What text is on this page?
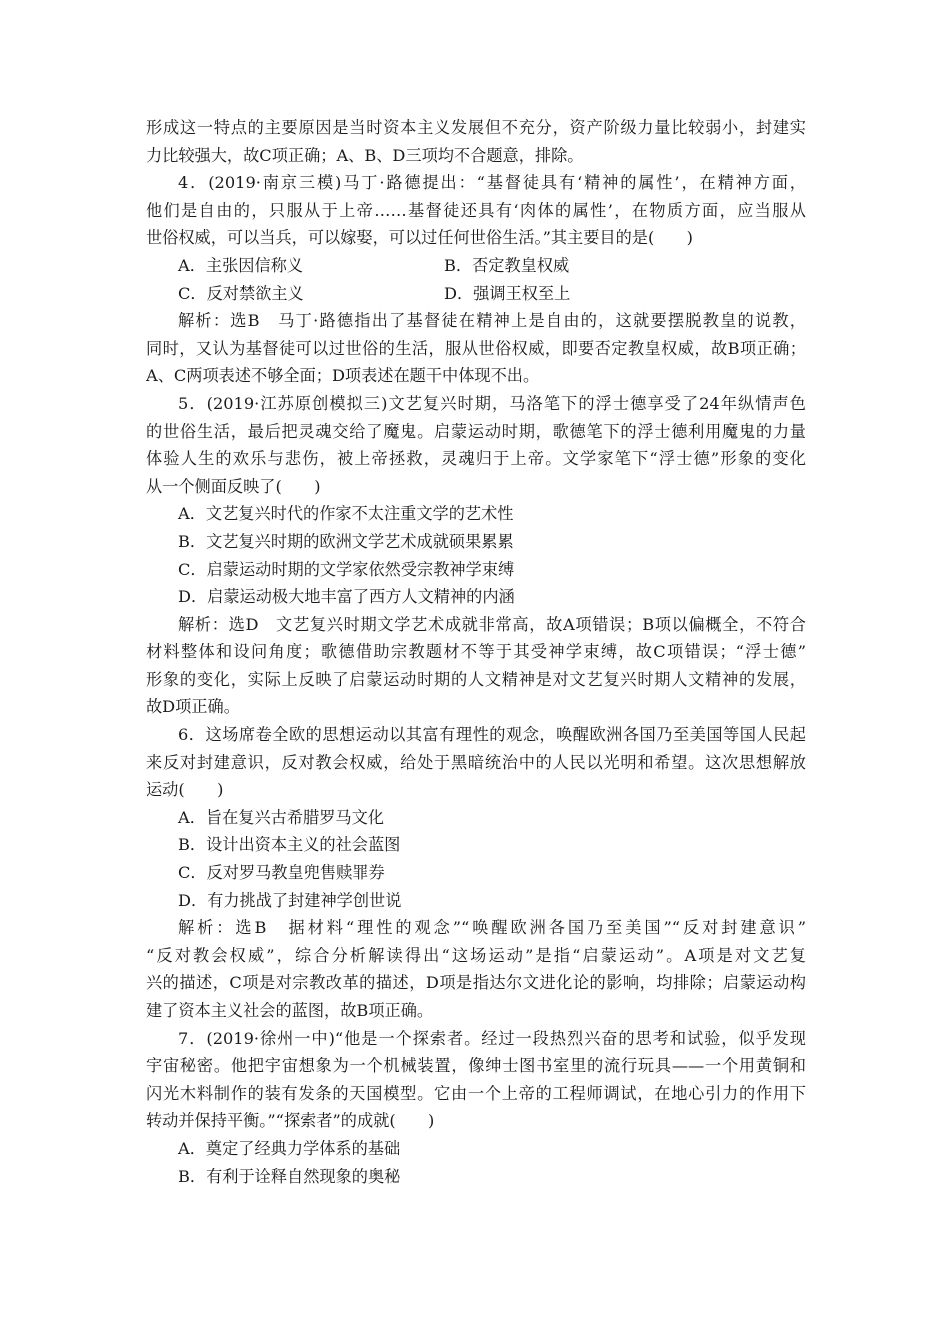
形成这一特点的主要原因是当时资本主义发展但不充分，资产阶级力量比较弱小，封建实
力比较强大，故C项正确；A、B、D三项均不合题意，排除。
4．(2019·南京三模)马丁·路德提出：“基督徒具有‘精神的属性’，在精神方面，
他们是自由的，只服从于上帝……基督徒还具有‘肉体的属性’，在物质方面，应当服从
世俗权威，可以当兵，可以嫁娶，可以过任何世俗生活。”其主要目的是(　　)
A．主张因信称义	B．否定教皇权威
C．反对禁欲主义	D．强调王权至上
解析：选B　马丁·路德指出了基督徒在精神上是自由的，这就要摆脱教皇的说教，
同时，又认为基督徒可以过世俗的生活，服从世俗权威，即要否定教皇权威，故B项正确；
A、C两项表述不够全面；D项表述在题干中体现不出。
5．(2019·江苏原创模拟三)文艺复兴时期，马洛笔下的浮士德享受了24年纵情声色
的世俗生活，最后把灵魂交给了魔鬼。启蒙运动时期，歌德笔下的浮士德利用魔鬼的力量
体验人生的欢乐与悲伤，被上帝拯救，灵魂归于上帝。文学家笔下“浮士德”形象的变化
从一个侧面反映了(　　)
A．文艺复兴时代的作家不太注重文学的艺术性
B．文艺复兴时期的欧洲文学艺术成就硕果累累
C．启蒙运动时期的文学家依然受宗教神学束缚
D．启蒙运动极大地丰富了西方人文精神的内涵
解析：选D　文艺复兴时期文学艺术成就非常高，故A项错误；B项以偏概全，不符合
材料整体和设问角度；歌德借助宗教题材不等于其受神学束缚，故C项错误；“浮士德”
形象的变化，实际上反映了启蒙运动时期的人文精神是对文艺复兴时期人文精神的发展，
故D项正确。
6．这场席卷全欧的思想运动以其富有理性的观念，唤醒欧洲各国乃至美国等国人民起
来反对封建意识，反对教会权威，给处于黑暗统治中的人民以光明和希望。这次思想解放
运动(　　)
A．旨在复兴古希腊罗马文化
B．设计出资本主义的社会蓝图
C．反对罗马教皇兜售赎罪券
D．有力挑战了封建神学创世说
解析：选B　据材料“理性的观念”“唤醒欧洲各国乃至美国”“反对封建意识”
“反对教会权威”，综合分析解读得出“这场运动”是指“启蒙运动”。A项是对文艺复
兴的描述，C项是对宗教改革的描述，D项是指达尔文进化论的影响，均排除；启蒙运动构
建了资本主义社会的蓝图，故B项正确。
7．(2019·徐州一中)“他是一个探索者。经过一段热烈兴奋的思考和试验，似乎发现
宇宙秘密。他把宇宙想象为一个机械装置，像绅士图书室里的流行玩具——一个用黄铜和
闪光木料制作的装有发条的天国模型。它由一个上帝的工程师调试，在地心引力的作用下
转动并保持平衡。”“探索者”的成就(　　)
A．奠定了经典力学体系的基础
B．有利于诠释自然现象的奥秘
